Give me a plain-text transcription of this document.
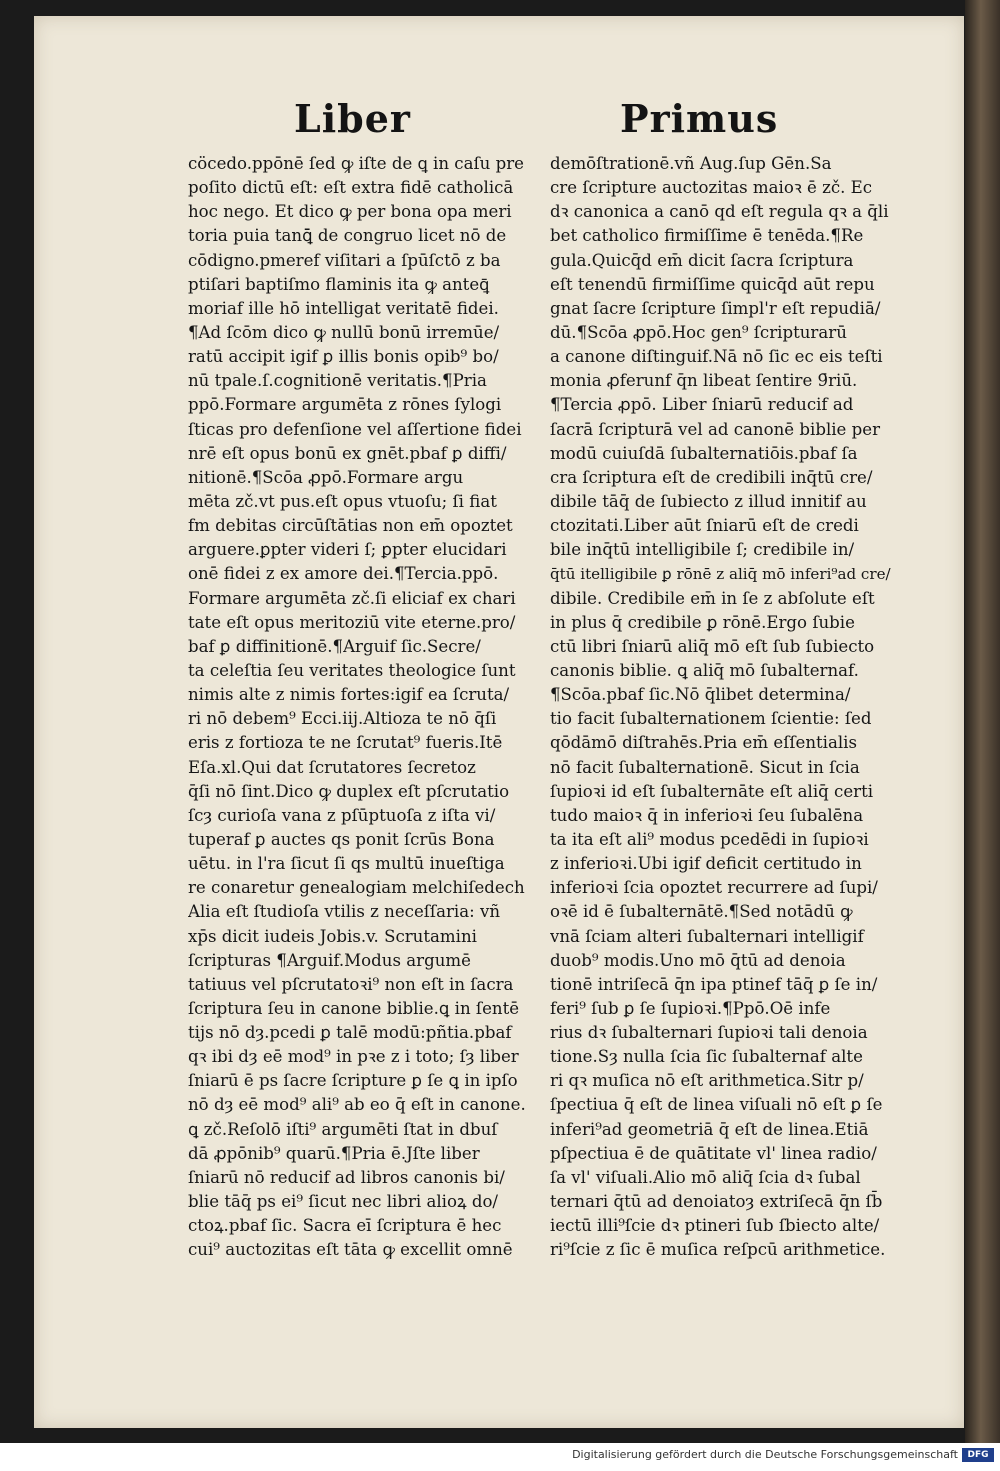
Liber	Primus
cöcedo.ppōnē ſed ꝙ iſte de ꝗ in caſu pre
poſito dictū eſt: eſt extra fidē catholicā
hoc nego. Et dico ꝙ per bona opa meri
toria puia tanꝗ̄ de congruo licet nō de
cōdigno.pmeref viſitari a ſpūſctō z ba
ptiſari baptiſmo flaminis ita ꝙ anteꝗ̄
moriaf ille hō intelligat veritatē fidei.
¶Ad ſcōm dico ꝙ nullū bonū irremūe/
ratū accipit igif ꝑ illis bonis opib⁹ bo/
nū tpale.ſ.cognitionē veritatis.¶Pria
ppō.Formare argumēta z rōnes ſylogi
ſticas pro defenſione vel aſſertione fidei
nrē eſt opus bonū ex gnēt.pbaf ꝑ diffi/
nitionē.¶Scōa ꝓpō.Formare argu
mēta zč.vt pus.eſt opus vtuoſu; ſi fiat
fm debitas circūſtātias non em̄ opoztet
arguere.ꝑpter videri ſ; ꝑpter elucidari
onē fidei z ex amore dei.¶Tercia.ppō.
Formare argumēta zč.ſi eliciaf ex chari
tate eſt opus meritoziū vite eterne.pro/
baf ꝑ diffinitionē.¶Arguif ſic.Secre/
ta celeſtia ſeu veritates theologice ſunt
nimis alte z nimis fortes:igif ea ſcruta/
ri nō debem⁹ Ecci.iij.Altioza te nō q̄ſi
eris z fortioza te ne ſcrutat⁹ fueris.Itē
Eſa.xl.Qui dat ſcrutatores ſecretoz
q̄ſi nō ſint.Dico ꝙ duplex eſt pſcrutatio
ſcȝ curioſa vana z pſūptuoſa z iſta vi/
tuperaf ꝑ auctes qs ponit ſcrūs Bona
uētu. in l'ra ſicut ſi qs multū inueſtiga
re conaretur genealogiam melchiſedech
Alia eſt ſtudioſa vtilis z neceſſaria: vñ
xp̄s dicit iudeis Jobis.v. Scrutamini
ſcripturas ¶Arguif.Modus argumē
tatiuus vel pſcrutatoꝛi⁹ non eſt in ſacra
ſcriptura ſeu in canone biblie.ꝗ in ſentē
tijs nō dȝ.pcedi ꝑ talē modū:pñtia.pbaf
qꝛ ibi dȝ eē mod⁹ in pꝛe z i toto; ſȝ liber
ſniarū ē ps ſacre ſcripture ꝑ ſe ꝗ in ipſo
nō dȝ eē mod⁹ ali⁹ ab eo q̄ eſt in canone.
ꝗ zč.Reſolō iſti⁹ argumēti ſtat in dbuſ
dā ꝓpōnib⁹ quarū.¶Pria ē.Jſte liber
ſniarū nō reducif ad libros canonis bi/
blie tāq̄ ps ei⁹ ſicut nec libri alioꝝ do/
ctoꝝ.pbaf ſic. Sacra eī ſcriptura ē hec
cui⁹ auctozitas eſt tāta ꝙ excellit omnē
demōſtrationē.vñ Aug.ſup Gēn.Sa
cre ſcripture auctozitas maioꝛ ē zč. Ec
dꝛ canonica a canō qd eſt regula qꝛ a q̄li
bet catholico firmiſſime ē tenēda.¶Re
gula.Quicq̄d em̄ dicit ſacra ſcriptura
eſt tenendū firmiſſime quicq̄d aūt repu
gnat ſacre ſcripture ſimpl'r eſt repudiā/
dū.¶Scōa ꝓpō.Hoc gen⁹ ſcripturarū
a canone diſtinguif.Nā nō ſic ec eis teſti
monia ꝓferunf q̄n libeat ſentire 9̄riū.
¶Tercia ꝓpō. Liber ſniarū reducif ad
ſacrā ſcripturā vel ad canonē biblie per
modū cuiuſdā ſubalternatiōis.pbaf ſa
cra ſcriptura eſt de credibili inq̄tū cre/
dibile tāq̄ de ſubiecto z illud innitif au
ctozitati.Liber aūt ſniarū eſt de credi
bile inq̄tū intelligibile ſ; credibile in/
q̄tū itelligibile ꝑ rōnē z aliq̄ mō inferi⁹ad cre/
dibile. Credibile em̄ in ſe z abſolute eſt
in plus q̄ credibile ꝑ rōnē.Ergo ſubie
ctū libri ſniarū aliq̄ mō eſt ſub ſubiecto
canonis biblie. ꝗ aliq̄ mō ſubalternaf.
¶Scōa.pbaf ſic.Nō q̄libet determina/
tio facit ſubalternationem ſcientie: ſed
qōdāmō diſtrahēs.Pria em̄ eſſentialis
nō facit ſubalternationē. Sicut in ſcia
ſupioꝛi id eſt ſubalternāte eſt aliq̄ certi
tudo maioꝛ q̄ in inferioꝛi ſeu ſubalēna
ta ita eſt ali⁹ modus pcedēdi in ſupioꝛi
z inferioꝛi.Ubi igif deficit certitudo in
inferioꝛi ſcia opoztet recurrere ad ſupi/
oꝛē id ē ſubalternātē.¶Sed notādū ꝙ
vnā ſciam alteri ſubalternari intelligif
duob⁹ modis.Uno mō q̄tū ad denoia
tionē intriſecā q̄n ipa ptinef tāq̄ ꝑ ſe in/
feri⁹ ſub ꝑ ſe ſupioꝛi.¶Ppō.Oē infe
rius dꝛ ſubalternari ſupioꝛi tali denoia
tione.Sȝ nulla ſcia ſic ſubalternaf alte
ri qꝛ muſica nō eſt arithmetica.Sitr p/
ſpectiua q̄ eſt de linea viſuali nō eſt ꝑ ſe
inferi⁹ad geometriā q̄ eſt de linea.Etiā
pſpectiua ē de quātitate vl' linea radio/
ſa vl' viſuali.Alio mō aliq̄ ſcia dꝛ ſubal
ternari q̄tū ad denoiatoȝ extriſecā q̄n ſb̄
iectū illi⁹ſcie dꝛ ptineri ſub ſbiecto alte/
ri⁹ſcie z ſic ē muſica reſpcū arithmetice.
Digitalisierung gefördert durch die Deutsche Forschungsgemeinschaft	DFG
